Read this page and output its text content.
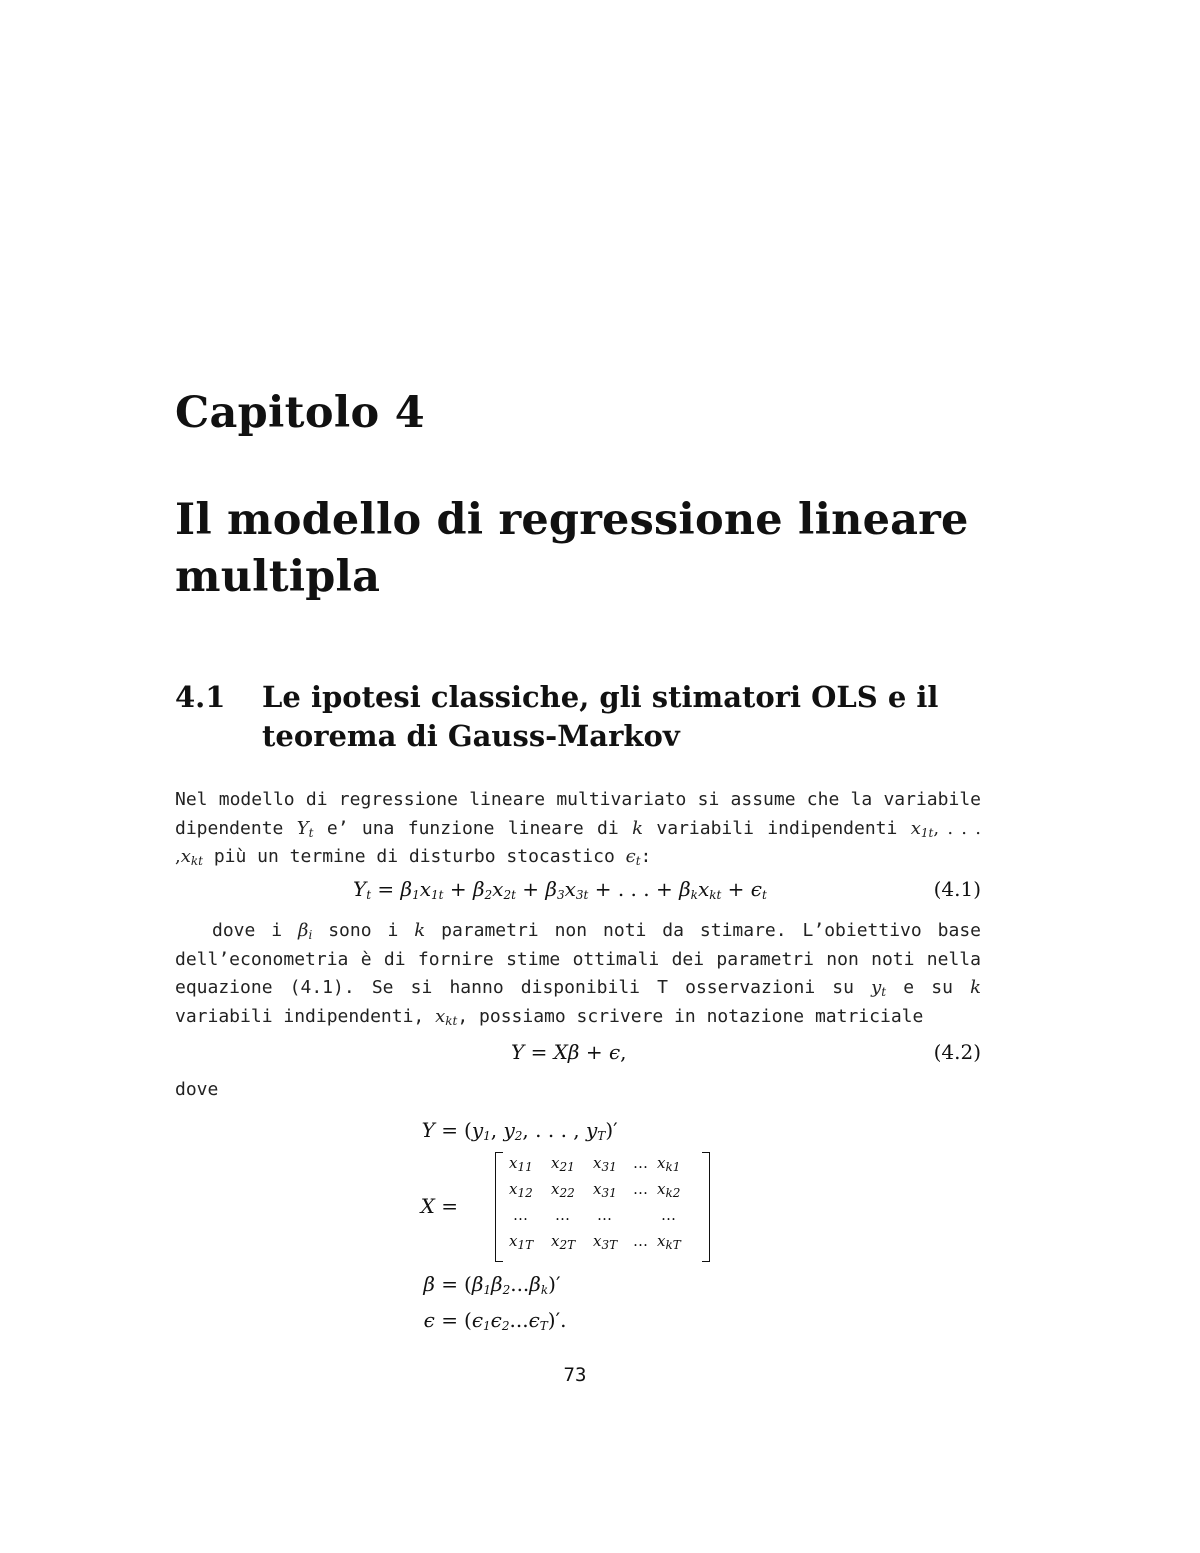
Capitolo 4
Il modello di regressione lineare multipla
4.1 Le ipotesi classiche, gli stimatori OLS e il teorema di Gauss-Markov
Nel modello di regressione lineare multivariato si assume che la variabile dipendente $Y_t$ e’ una funzione lineare di k variabili indipendenti $x_{1t}$, . . . $,x_{kt}$ più un termine di disturbo stocastico $\epsilon_t$:
$Y_t = \beta_1x_{1t} + \beta_2x_{2t} + \beta_3x_{3t}$ + . . . + $\beta_kx_{kt} + \epsilon_t$	(4.1)
dove i $\beta_i$ sono i k parametri non noti da stimare. L’obiettivo base dell’econometria è di fornire stime ottimali dei parametri non noti nella equazione (4.1). Se si hanno disponibili T osservazioni su $y_t$ e su k variabili indipendenti, $x_{kt}$, possiamo scrivere in notazione matriciale
Y = Xβ + ϵ,	(4.2)
dove
$Y = (y_1$, $y_2$, . . . , $y_T)'$
X =
$x_{11}$ $x_{21}$ $x_{31}$ … $x_{k1}$
$x_{12}$ $x_{22}$ $x_{31}$ … $x_{k2}$
… … …	…
$x_{1T}$ $x_{2T}$ $x_{3T}$ … $x_{kT}$
$\beta = (\beta_1\beta_2...\beta_k)'$
$\epsilon = (\epsilon_1\epsilon_2...\epsilon_T)'$.
73
